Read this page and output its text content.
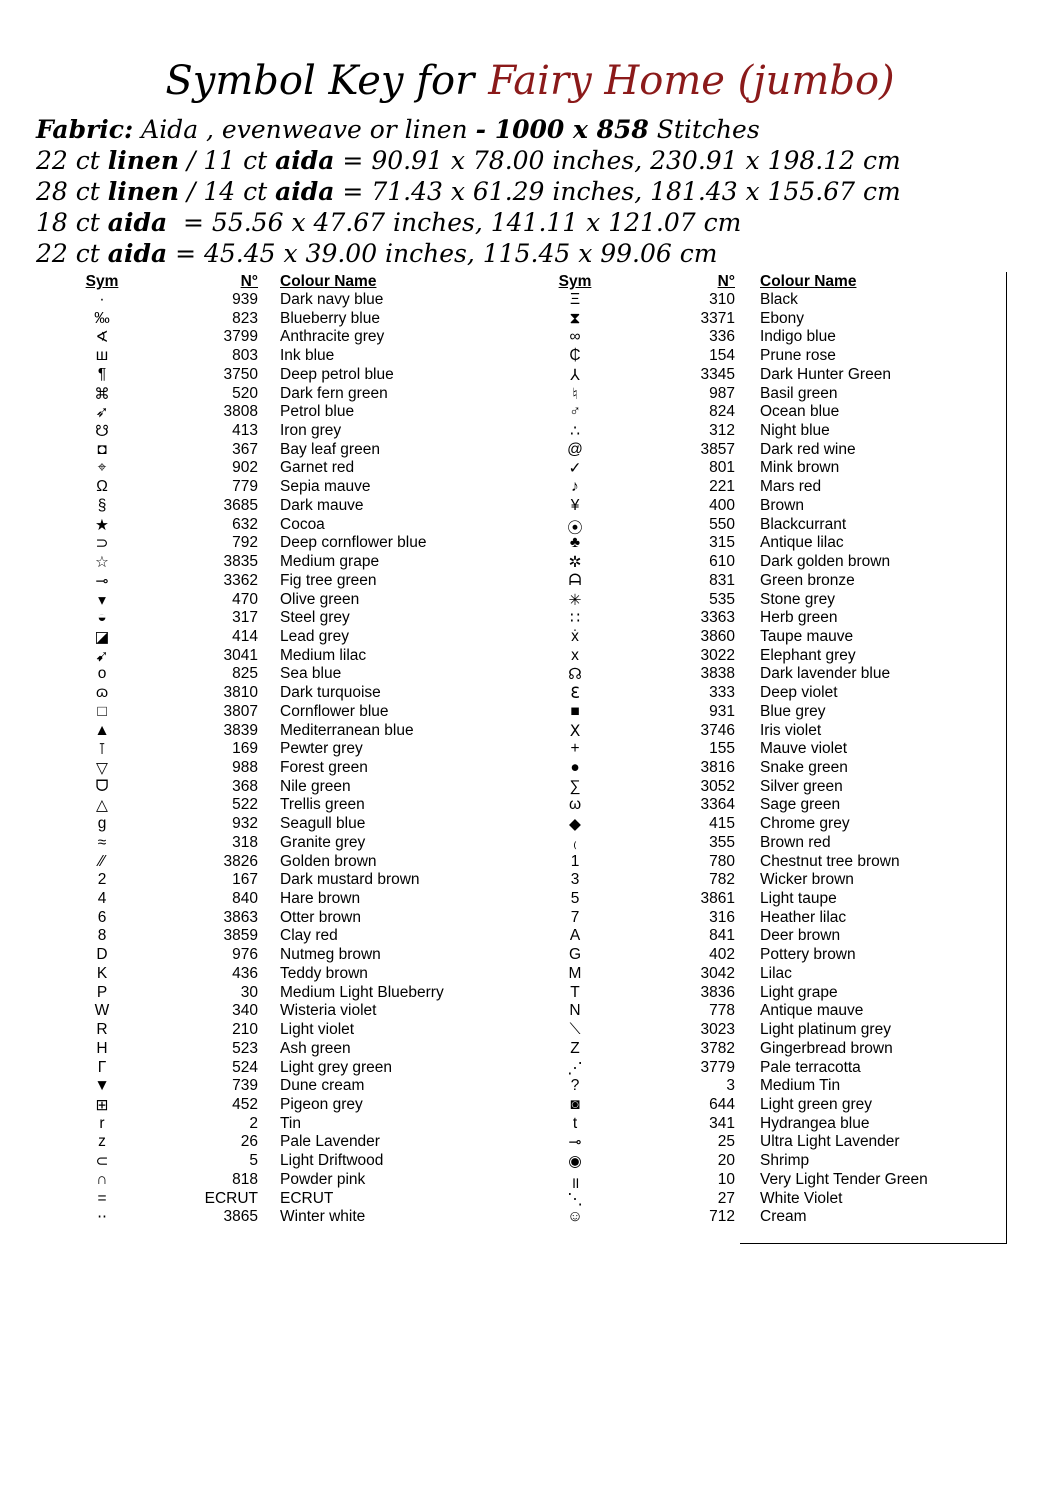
Symbol Key for Fairy Home (jumbo)
Fabric: Aida , evenweave or linen - 1000 x 858 Stitches
22 ct linen / 11 ct aida = 90.91 x 78.00 inches, 230.91 x 198.12 cm
28 ct linen / 14 ct aida = 71.43 x 61.29 inches, 181.43 x 155.67 cm
18 ct aida  = 55.56 x 47.67 inches, 141.11 x 121.07 cm
22 ct aida = 45.45 x 39.00 inches, 115.45 x 99.06 cm
Sym	N° Colour Name	Sym	N° Colour Name
·	939 Dark navy blue
‰	823 Blueberry blue
∢	3799 Anthracite grey
ш	803 Ink blue
¶	3750 Deep petrol blue
⌘	520 Dark fern green
➶	3808 Petrol blue
☋	413 Iron grey
◘	367 Bay leaf green
⌖	902 Garnet red
Ω	779 Sepia mauve
§	3685 Dark mauve
★	632 Cocoa
⊃	792 Deep cornflower blue
☆	3835 Medium grape
⊸	3362 Fig tree green
▾	470 Olive green
◒	317 Steel grey
◪	414 Lead grey
➹	3041 Medium lilac
o	825 Sea blue
ɷ	3810 Dark turquoise
□	3807 Cornflower blue
▲	3839 Mediterranean blue
⊺	169 Pewter grey
▽	988 Forest green
ᗜ	368 Nile green
△	522 Trellis green
g	932 Seagull blue
≈	318 Granite grey
⁄⁄	3826 Golden brown
2	167 Dark mustard brown
4	840 Hare brown
6	3863 Otter brown
8	3859 Clay red
D	976 Nutmeg brown
K	436 Teddy brown
P	30 Medium Light Blueberry
W	340 Wisteria violet
R	210 Light violet
H	523 Ash green
Γ	524 Light grey green
▼	739 Dune cream
⊞	452 Pigeon grey
r	2 Tin
z	26 Pale Lavender
⊂	5 Light Driftwood
∩	818 Powder pink
=	ECRUT ECRUT
⋅⋅	3865 Winter white
Ξ	310 Black
⧗	3371 Ebony
∞	336 Indigo blue
₵	154 Prune rose
⅄	3345 Dark Hunter Green
♮	987 Basil green
♂	824 Ocean blue
∴	312 Night blue
@	3857 Dark red wine
✓	801 Mink brown
♪	221 Mars red
¥	400 Brown
⦿	550 Blackcurrant
♣	315 Antique lilac
✲	610 Dark golden brown
ᗩ	831 Green bronze
✳	535 Stone grey
∷	3363 Herb green
ẋ	3860 Taupe mauve
x	3022 Elephant grey
☊	3838 Dark lavender blue
ℇ	333 Deep violet
■	931 Blue grey
Ⅹ	3746 Iris violet
+	155 Mauve violet
●	3816 Snake green
∑	3052 Silver green
ω	3364 Sage green
◆	415 Chrome grey
₍	355 Brown red
1	780 Chestnut tree brown
3	782 Wicker brown
5	3861 Light taupe
7	316 Heather lilac
A	841 Deer brown
G	402 Pottery brown
M	3042 Lilac
T	3836 Light grape
N	778 Antique mauve
⟍	3023 Light platinum grey
Z	3782 Gingerbread brown
⋰	3779 Pale terracotta
?	3 Medium Tin
◙	644 Light green grey
t	341 Hydrangea blue
⊸	25 Ultra Light Lavender
◉	20 Shrimp
॥	10 Very Light Tender Green
⋱	27 White Violet
☺	712 Cream
